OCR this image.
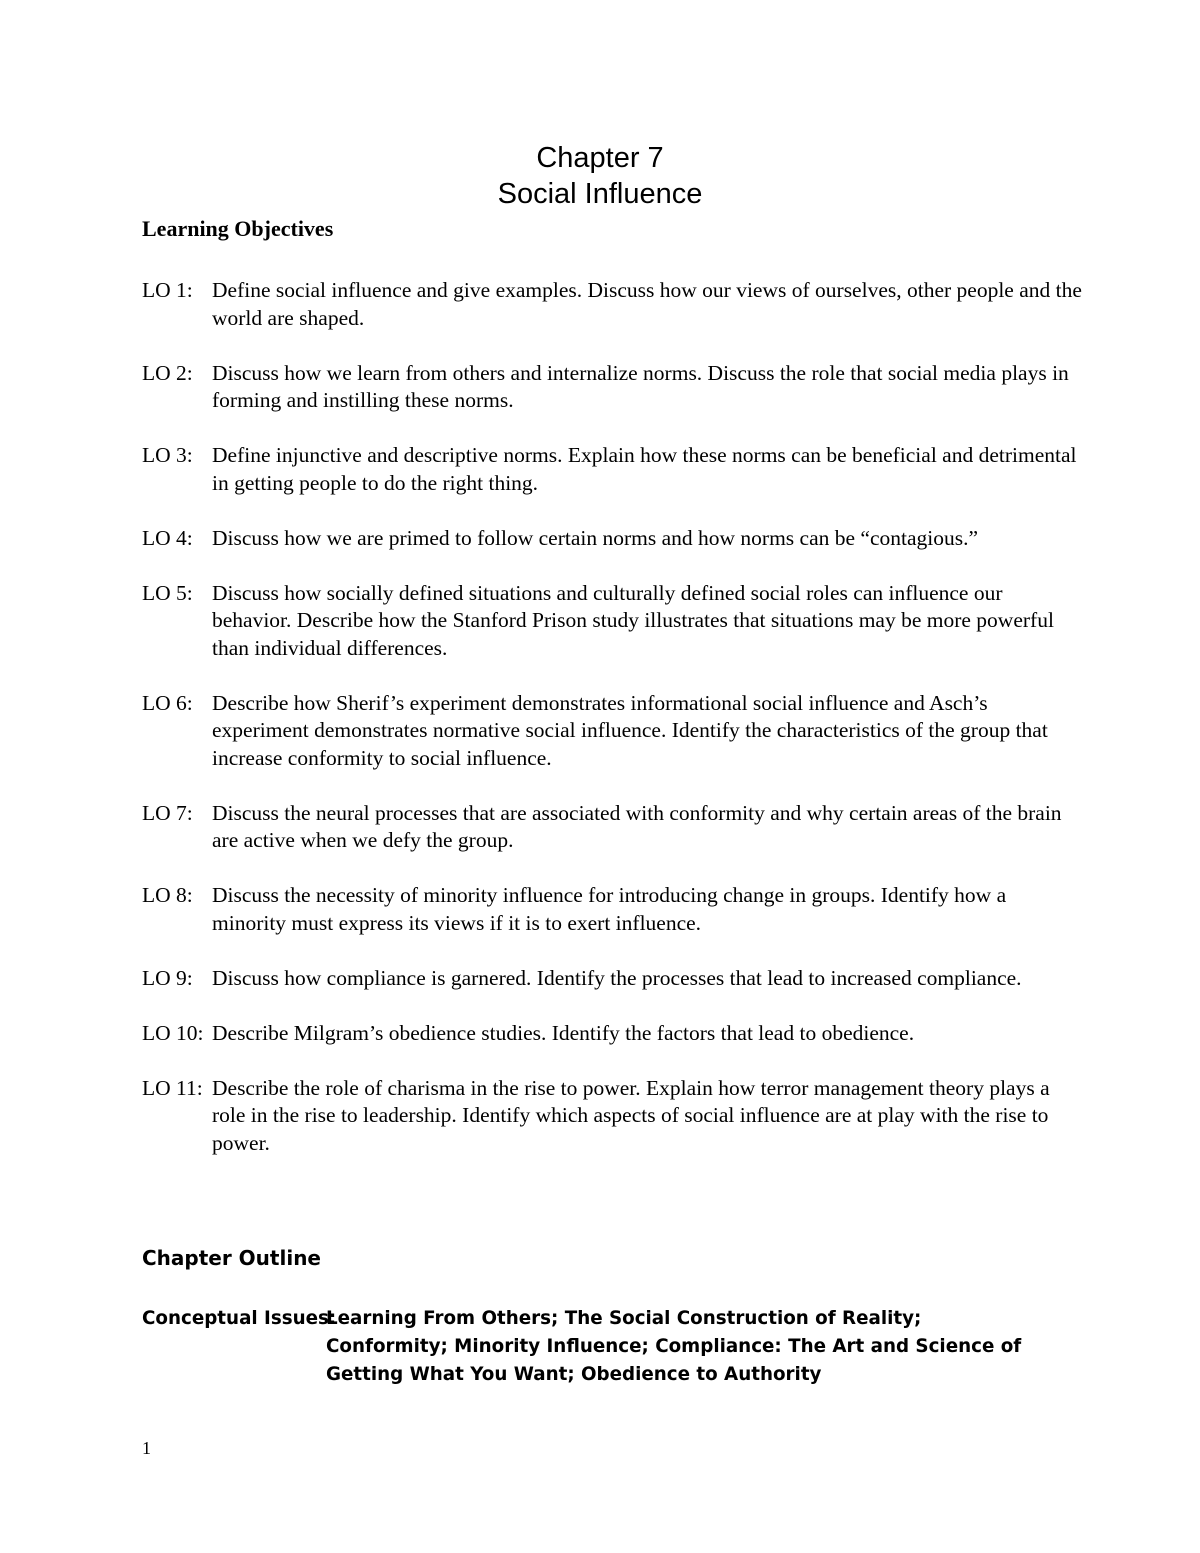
Chapter 7
Social Influence
Learning Objectives
LO 1: Define social influence and give examples. Discuss how our views of ourselves, other people and the world are shaped.
LO 2: Discuss how we learn from others and internalize norms. Discuss the role that social media plays in forming and instilling these norms.
LO 3: Define injunctive and descriptive norms. Explain how these norms can be beneficial and detrimental in getting people to do the right thing.
LO 4: Discuss how we are primed to follow certain norms and how norms can be “contagious.”
LO 5: Discuss how socially defined situations and culturally defined social roles can influence our behavior. Describe how the Stanford Prison study illustrates that situations may be more powerful than individual differences.
LO 6: Describe how Sherif’s experiment demonstrates informational social influence and Asch’s experiment demonstrates normative social influence. Identify the characteristics of the group that increase conformity to social influence.
LO 7: Discuss the neural processes that are associated with conformity and why certain areas of the brain are active when we defy the group.
LO 8: Discuss the necessity of minority influence for introducing change in groups. Identify how a minority must express its views if it is to exert influence.
LO 9: Discuss how compliance is garnered. Identify the processes that lead to increased compliance.
LO 10: Describe Milgram’s obedience studies. Identify the factors that lead to obedience.
LO 11: Describe the role of charisma in the rise to power. Explain how terror management theory plays a role in the rise to leadership. Identify which aspects of social influence are at play with the rise to power.
Chapter Outline
Conceptual Issues:
Learning From Others; The Social Construction of Reality; Conformity; Minority Influence; Compliance: The Art and Science of Getting What You Want; Obedience to Authority
1
